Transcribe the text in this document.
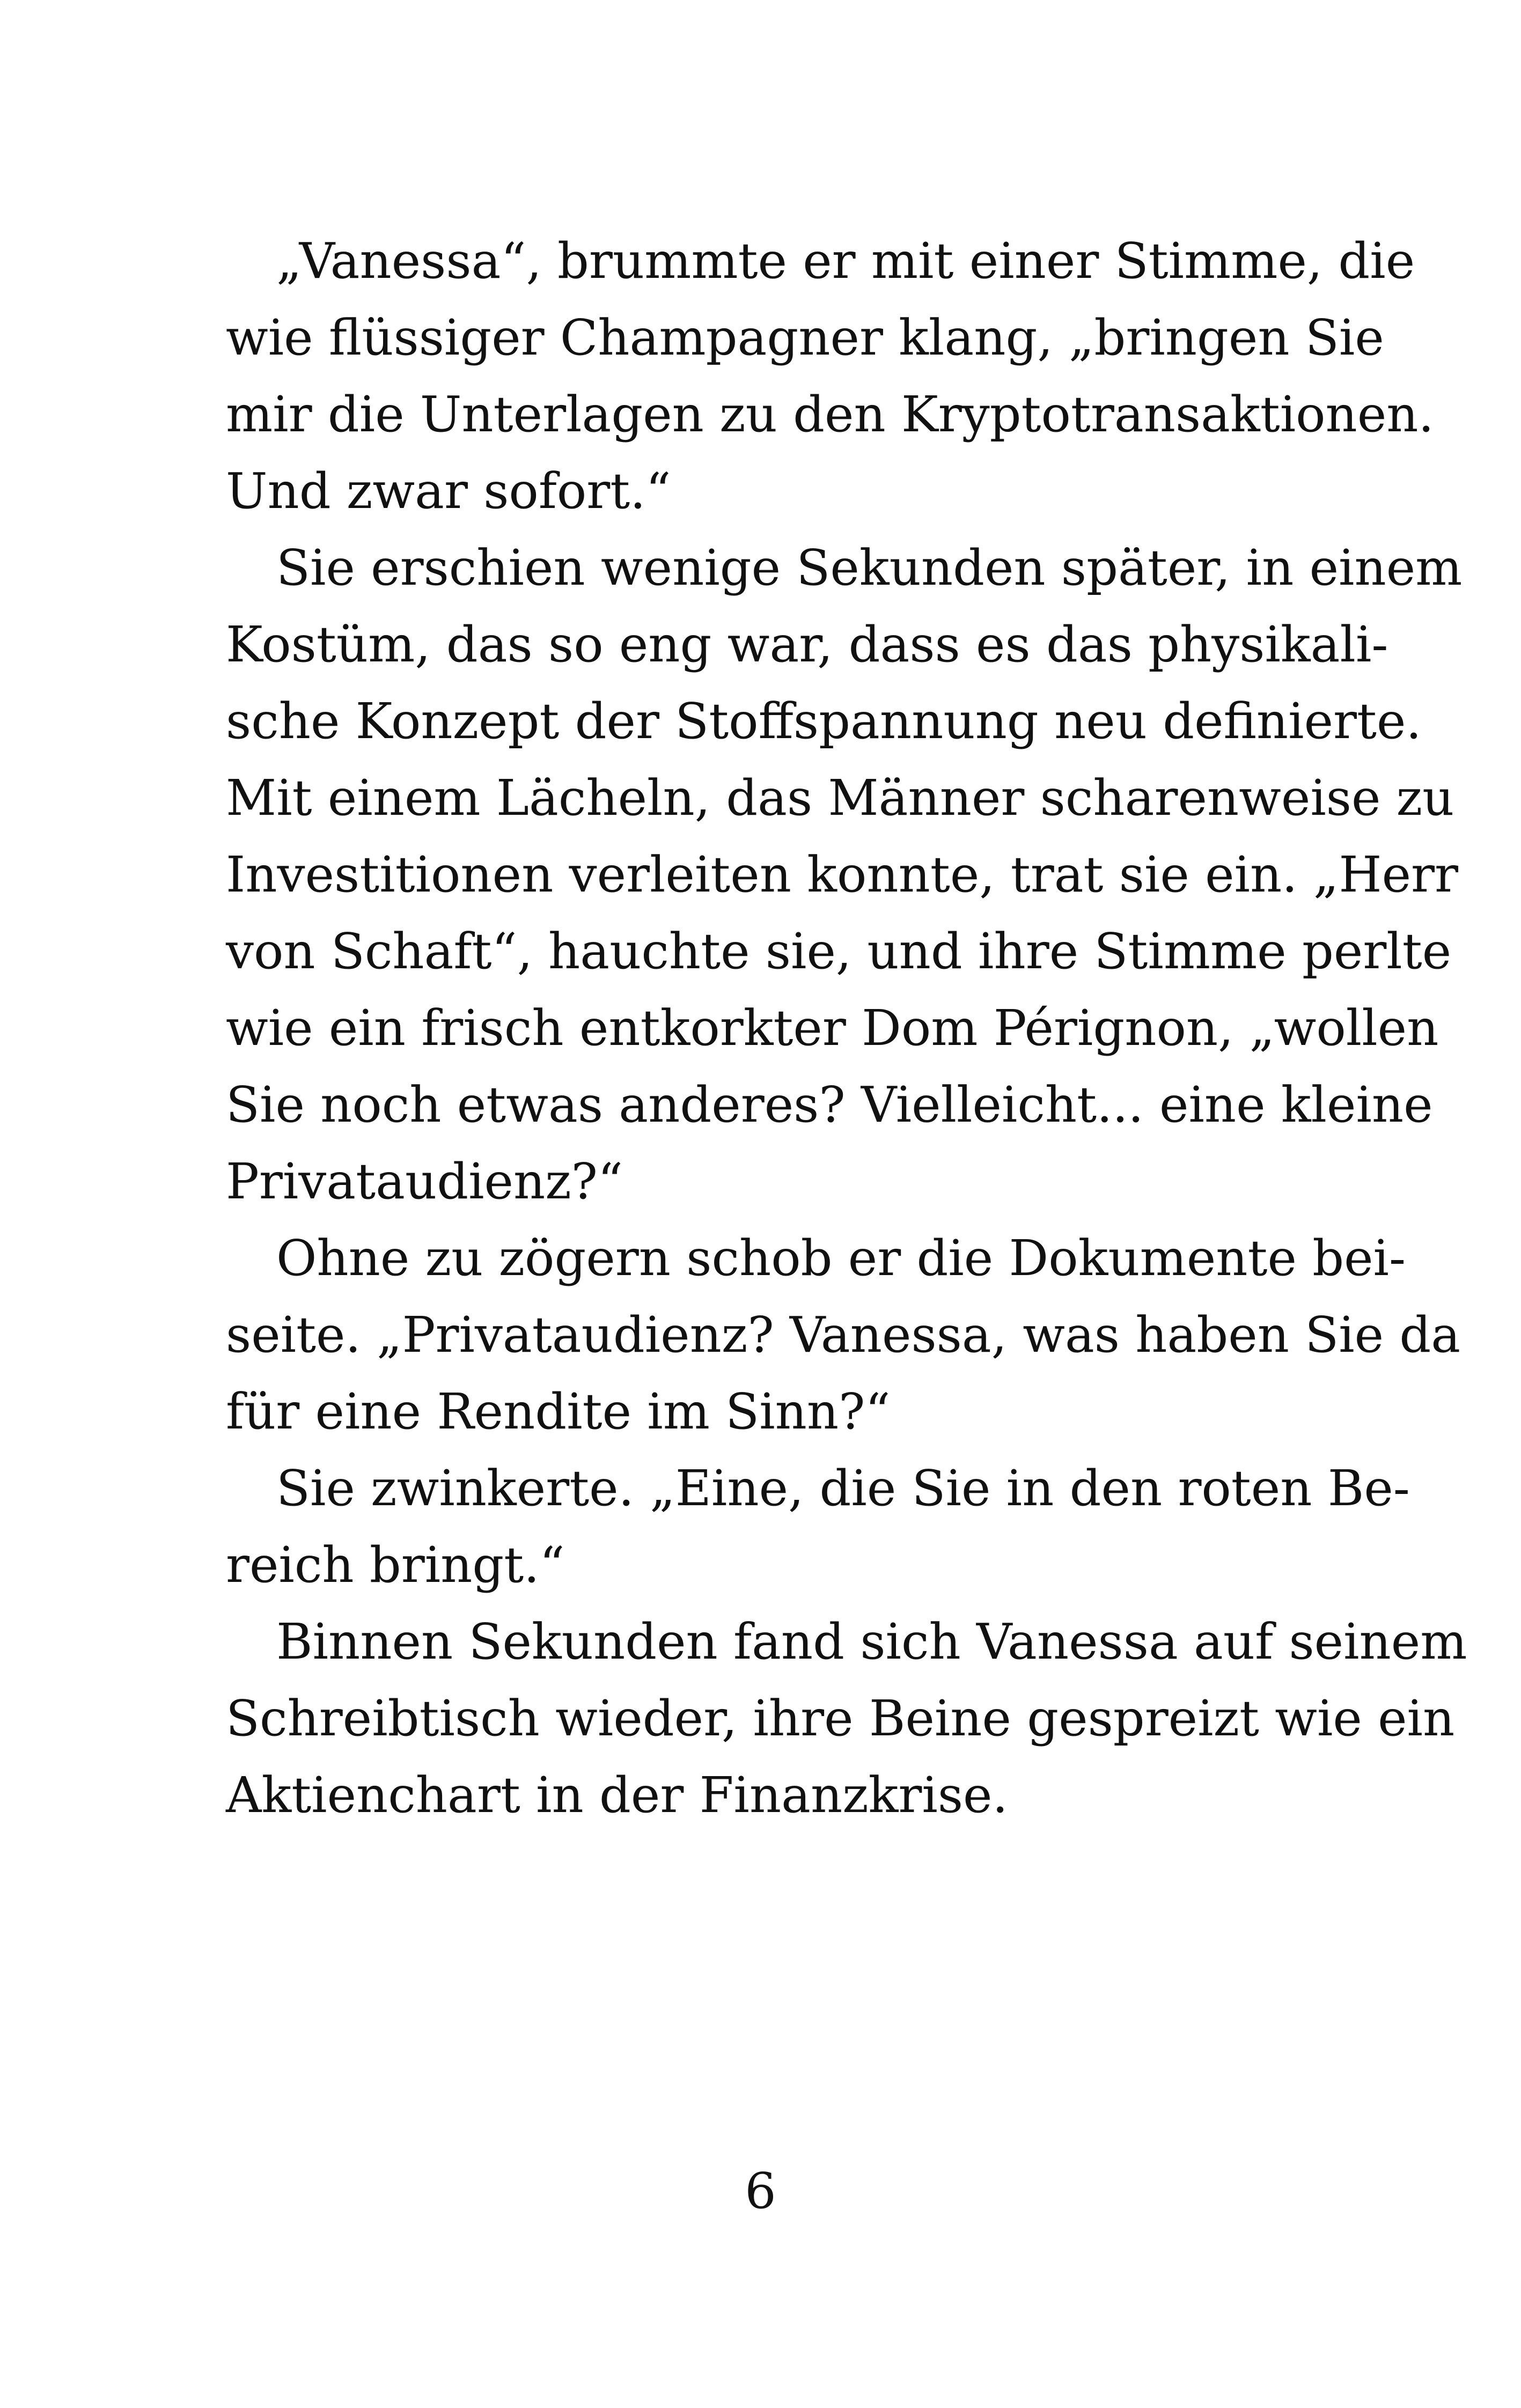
„Vanessa“, brummte er mit einer Stimme, die
wie flüssiger Champagner klang, „bringen Sie
mir die Unterlagen zu den Kryptotransaktionen.
Und zwar sofort.“
Sie erschien wenige Sekunden später, in einem
Kostüm, das so eng war, dass es das physikali-
sche Konzept der Stoffspannung neu definierte.
Mit einem Lächeln, das Männer scharenweise zu
Investitionen verleiten konnte, trat sie ein. „Herr
von Schaft“, hauchte sie, und ihre Stimme perlte
wie ein frisch entkorkter Dom Pérignon, „wollen
Sie noch etwas anderes? Vielleicht... eine kleine
Privataudienz?“
Ohne zu zögern schob er die Dokumente bei-
seite. „Privataudienz? Vanessa, was haben Sie da
für eine Rendite im Sinn?“
Sie zwinkerte. „Eine, die Sie in den roten Be-
reich bringt.“
Binnen Sekunden fand sich Vanessa auf seinem
Schreibtisch wieder, ihre Beine gespreizt wie ein
Aktienchart in der Finanzkrise.
6
